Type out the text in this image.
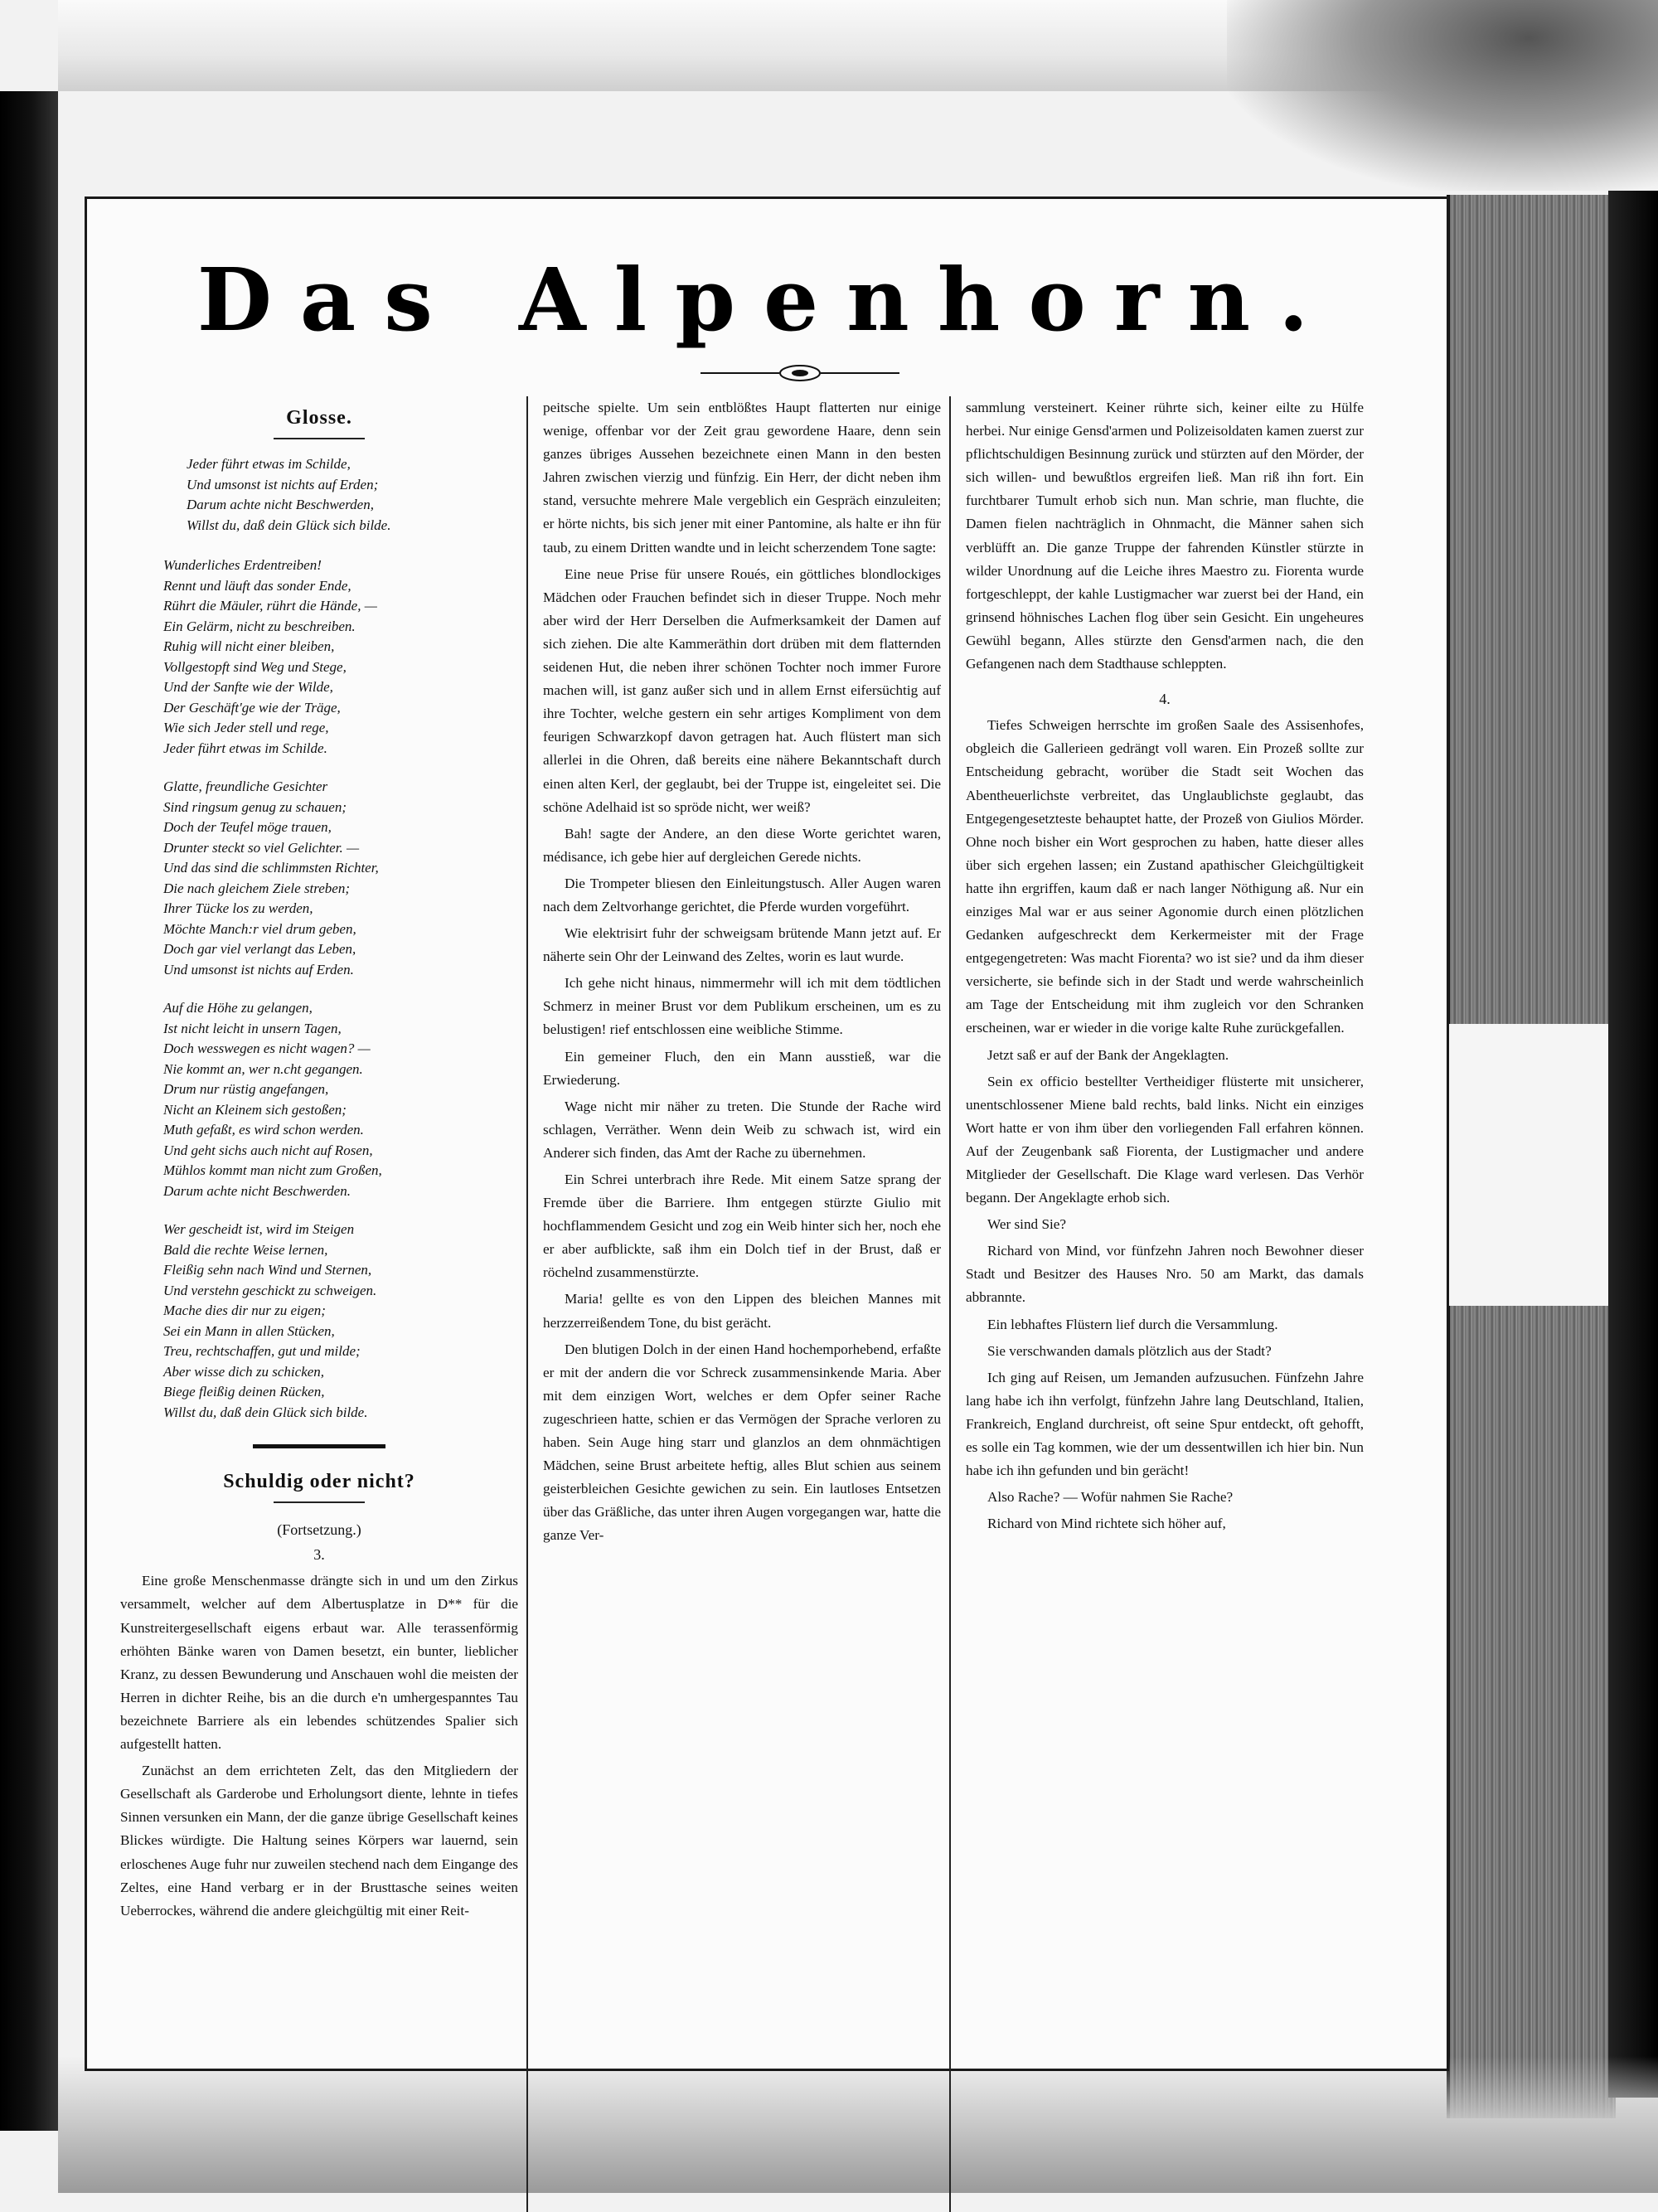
Das Alpenhorn.
Glosse.
Jeder führt etwas im Schilde,
Und umsonst ist nichts auf Erden;
Darum achte nicht Beschwerden,
Willst du, daß dein Glück sich bilde.
Wunderliches Erdentreiben!
Rennt und läuft das sonder Ende,
Rührt die Mäuler, rührt die Hände, —
Ein Gelärm, nicht zu beschreiben.
Ruhig will nicht einer bleiben,
Vollgestopft sind Weg und Stege,
Und der Sanfte wie der Wilde,
Der Geschäft'ge wie der Träge,
Wie sich Jeder stell und rege,
Jeder führt etwas im Schilde.
Glatte, freundliche Gesichter
Sind ringsum genug zu schauen;
Doch der Teufel möge trauen,
Drunter steckt so viel Gelichter. —
Und das sind die schlimmsten Richter,
Die nach gleichem Ziele streben;
Ihrer Tücke los zu werden,
Möchte Manch:r viel drum geben,
Doch gar viel verlangt das Leben,
Und umsonst ist nichts auf Erden.
Auf die Höhe zu gelangen,
Ist nicht leicht in unsern Tagen,
Doch wesswegen es nicht wagen? —
Nie kommt an, wer n.cht gegangen.
Drum nur rüstig angefangen,
Nicht an Kleinem sich gestoßen;
Muth gefaßt, es wird schon werden.
Und geht sichs auch nicht auf Rosen,
Mühlos kommt man nicht zum Großen,
Darum achte nicht Beschwerden.
Wer gescheidt ist, wird im Steigen
Bald die rechte Weise lernen,
Fleißig sehn nach Wind und Sternen,
Und verstehn geschickt zu schweigen.
Mache dies dir nur zu eigen;
Sei ein Mann in allen Stücken,
Treu, rechtschaffen, gut und milde;
Aber wisse dich zu schicken,
Biege fleißig deinen Rücken,
Willst du, daß dein Glück sich bilde.
Schuldig oder nicht?
(Fortsetzung.)
3.

Eine große Menschenmasse drängte sich in und um den Zirkus versammelt, welcher auf dem Albertusplatze in D** für die Kunstreitergesellschaft eigens erbaut war. Alle terassenförmig erhöhten Bänke waren von Damen besetzt, ein bunter, lieblicher Kranz, zu dessen Bewunderung und Anschauen wohl die meisten der Herren in dichter Reihe, bis an die durch e'n umhergespanntes Tau bezeichnete Barriere als ein lebendes schützendes Spalier sich aufgestellt hatten.

Zunächst an dem errichteten Zelt, das den Mitgliedern der Gesellschaft als Garderobe und Erholungsort diente, lehnte in tiefes Sinnen versunken ein Mann, der die ganze übrige Gesellschaft keines Blickes würdigte. Die Haltung seines Körpers war lauernd, sein erloschenes Auge fuhr nur zuweilen stechend nach dem Eingange des Zeltes, eine Hand verbarg er in der Brusttasche seines weiten Ueberrockes, während die andere gleichgültig mit einer Reit-

peitsche spielte. Um sein entblößtes Haupt flatterten nur einige wenige, offenbar vor der Zeit grau gewordene Haare, denn sein ganzes übriges Aussehen bezeichnete einen Mann in den besten Jahren zwischen vierzig und fünfzig. Ein Herr, der dicht neben ihm stand, versuchte mehrere Male vergeblich ein Gespräch einzuleiten; er hörte nichts, bis sich jener mit einer Pantomine, als halte er ihn für taub, zu einem Dritten wandte und in leicht scherzendem Tone sagte:

Eine neue Prise für unsere Roués, ein göttliches blondlockiges Mädchen oder Frauchen befindet sich in dieser Truppe. Noch mehr aber wird der Herr Derselben die Aufmerksamkeit der Damen auf sich ziehen. Die alte Kammeräthin dort drüben mit dem flatternden seidenen Hut, die neben ihrer schönen Tochter noch immer Furore machen will, ist ganz außer sich und in allem Ernst eifersüchtig auf ihre Tochter, welche gestern ein sehr artiges Kompliment von dem feurigen Schwarzkopf davon getragen hat. Auch flüstert man sich allerlei in die Ohren, daß bereits eine nähere Bekanntschaft durch einen alten Kerl, der geglaubt, bei der Truppe ist, eingeleitet sei. Die schöne Adelhaid ist so spröde nicht, wer weiß?

Bah! sagte der Andere, an den diese Worte gerichtet waren, médisance, ich gebe hier auf dergleichen Gerede nichts.

Die Trompeter bliesen den Einleitungstusch. Aller Augen waren nach dem Zeltvorhange gerichtet, die Pferde wurden vorgeführt.

Wie elektrisirt fuhr der schweigsam brütende Mann jetzt auf. Er näherte sein Ohr der Leinwand des Zeltes, worin es laut wurde.

Ich gehe nicht hinaus, nimmermehr will ich mit dem tödtlichen Schmerz in meiner Brust vor dem Publikum erscheinen, um es zu belustigen! rief entschlossen eine weibliche Stimme.

Ein gemeiner Fluch, den ein Mann ausstieß, war die Erwiederung.

Wage nicht mir näher zu treten. Die Stunde der Rache wird schlagen, Verräther. Wenn dein Weib zu schwach ist, wird ein Anderer sich finden, das Amt der Rache zu übernehmen.

Ein Schrei unterbrach ihre Rede. Mit einem Satze sprang der Fremde über die Barriere. Ihm entgegen stürzte Giulio mit hochflammendem Gesicht und zog ein Weib hinter sich her, noch ehe er aber aufblickte, saß ihm ein Dolch tief in der Brust, daß er röchelnd zusammenstürzte.

Maria! gellte es von den Lippen des bleichen Mannes mit herzzerreißendem Tone, du bist gerächt.

Den blutigen Dolch in der einen Hand hochemporhebend, erfaßte er mit der andern die vor Schreck zusammensinkende Maria. Aber mit dem einzigen Wort, welches er dem Opfer seiner Rache zugeschrieen hatte, schien er das Vermögen der Sprache verloren zu haben. Sein Auge hing starr und glanzlos an dem ohnmächtigen Mädchen, seine Brust arbeitete heftig, alles Blut schien aus seinem geisterbleichen Gesichte gewichen zu sein. Ein lautloses Entsetzen über das Gräßliche, das unter ihren Augen vorgegangen war, hatte die ganze Ver-

sammlung versteinert. Keiner rührte sich, keiner eilte zu Hülfe herbei. Nur einige Gensd'armen und Polizeisoldaten kamen zuerst zur pflichtschuldigen Besinnung zurück und stürzten auf den Mörder, der sich willen- und bewußtlos ergreifen ließ. Man riß ihn fort. Ein furchtbarer Tumult erhob sich nun. Man schrie, man fluchte, die Damen fielen nachträglich in Ohnmacht, die Männer sahen sich verblüfft an. Die ganze Truppe der fahrenden Künstler stürzte in wilder Unordnung auf die Leiche ihres Maestro zu. Fiorenta wurde fortgeschleppt, der kahle Lustigmacher war zuerst bei der Hand, ein grinsend höhnisches Lachen flog über sein Gesicht. Ein ungeheures Gewühl begann, Alles stürzte den Gensd'armen nach, die den Gefangenen nach dem Stadthause schleppten.

4.

Tiefes Schweigen herrschte im großen Saale des Assisenhofes, obgleich die Gallerieen gedrängt voll waren. Ein Prozeß sollte zur Entscheidung gebracht, worüber die Stadt seit Wochen das Abentheuerlichste verbreitet, das Unglaublichste geglaubt, das Entgegengesetzteste behauptet hatte, der Prozeß von Giulios Mörder. Ohne noch bisher ein Wort gesprochen zu haben, hatte dieser alles über sich ergehen lassen; ein Zustand apathischer Gleichgültigkeit hatte ihn ergriffen, kaum daß er nach langer Nöthigung aß. Nur ein einziges Mal war er aus seiner Agonomie durch einen plötzlichen Gedanken aufgeschreckt dem Kerkermeister mit der Frage entgegengetreten: Was macht Fiorenta? wo ist sie? und da ihm dieser versicherte, sie befinde sich in der Stadt und werde wahrscheinlich am Tage der Entscheidung mit ihm zugleich vor den Schranken erscheinen, war er wieder in die vorige kalte Ruhe zurückgefallen.

Jetzt saß er auf der Bank der Angeklagten.

Sein ex officio bestellter Vertheidiger flüsterte mit unsicherer, unentschlossener Miene bald rechts, bald links. Nicht ein einziges Wort hatte er von ihm über den vorliegenden Fall erfahren können. Auf der Zeugenbank saß Fiorenta, der Lustigmacher und andere Mitglieder der Gesellschaft. Die Klage ward verlesen. Das Verhör begann. Der Angeklagte erhob sich.

Wer sind Sie?

Richard von Mind, vor fünfzehn Jahren noch Bewohner dieser Stadt und Besitzer des Hauses Nro. 50 am Markt, das damals abbrannte.

Ein lebhaftes Flüstern lief durch die Versammlung.

Sie verschwanden damals plötzlich aus der Stadt?

Ich ging auf Reisen, um Jemanden aufzusuchen. Fünfzehn Jahre lang habe ich ihn verfolgt, fünfzehn Jahre lang Deutschland, Italien, Frankreich, England durchreist, oft seine Spur entdeckt, oft gehofft, es solle ein Tag kommen, wie der um dessentwillen ich hier bin. Nun habe ich ihn gefunden und bin gerächt!

Also Rache? — Wofür nahmen Sie Rache?

Richard von Mind richtete sich höher auf,
